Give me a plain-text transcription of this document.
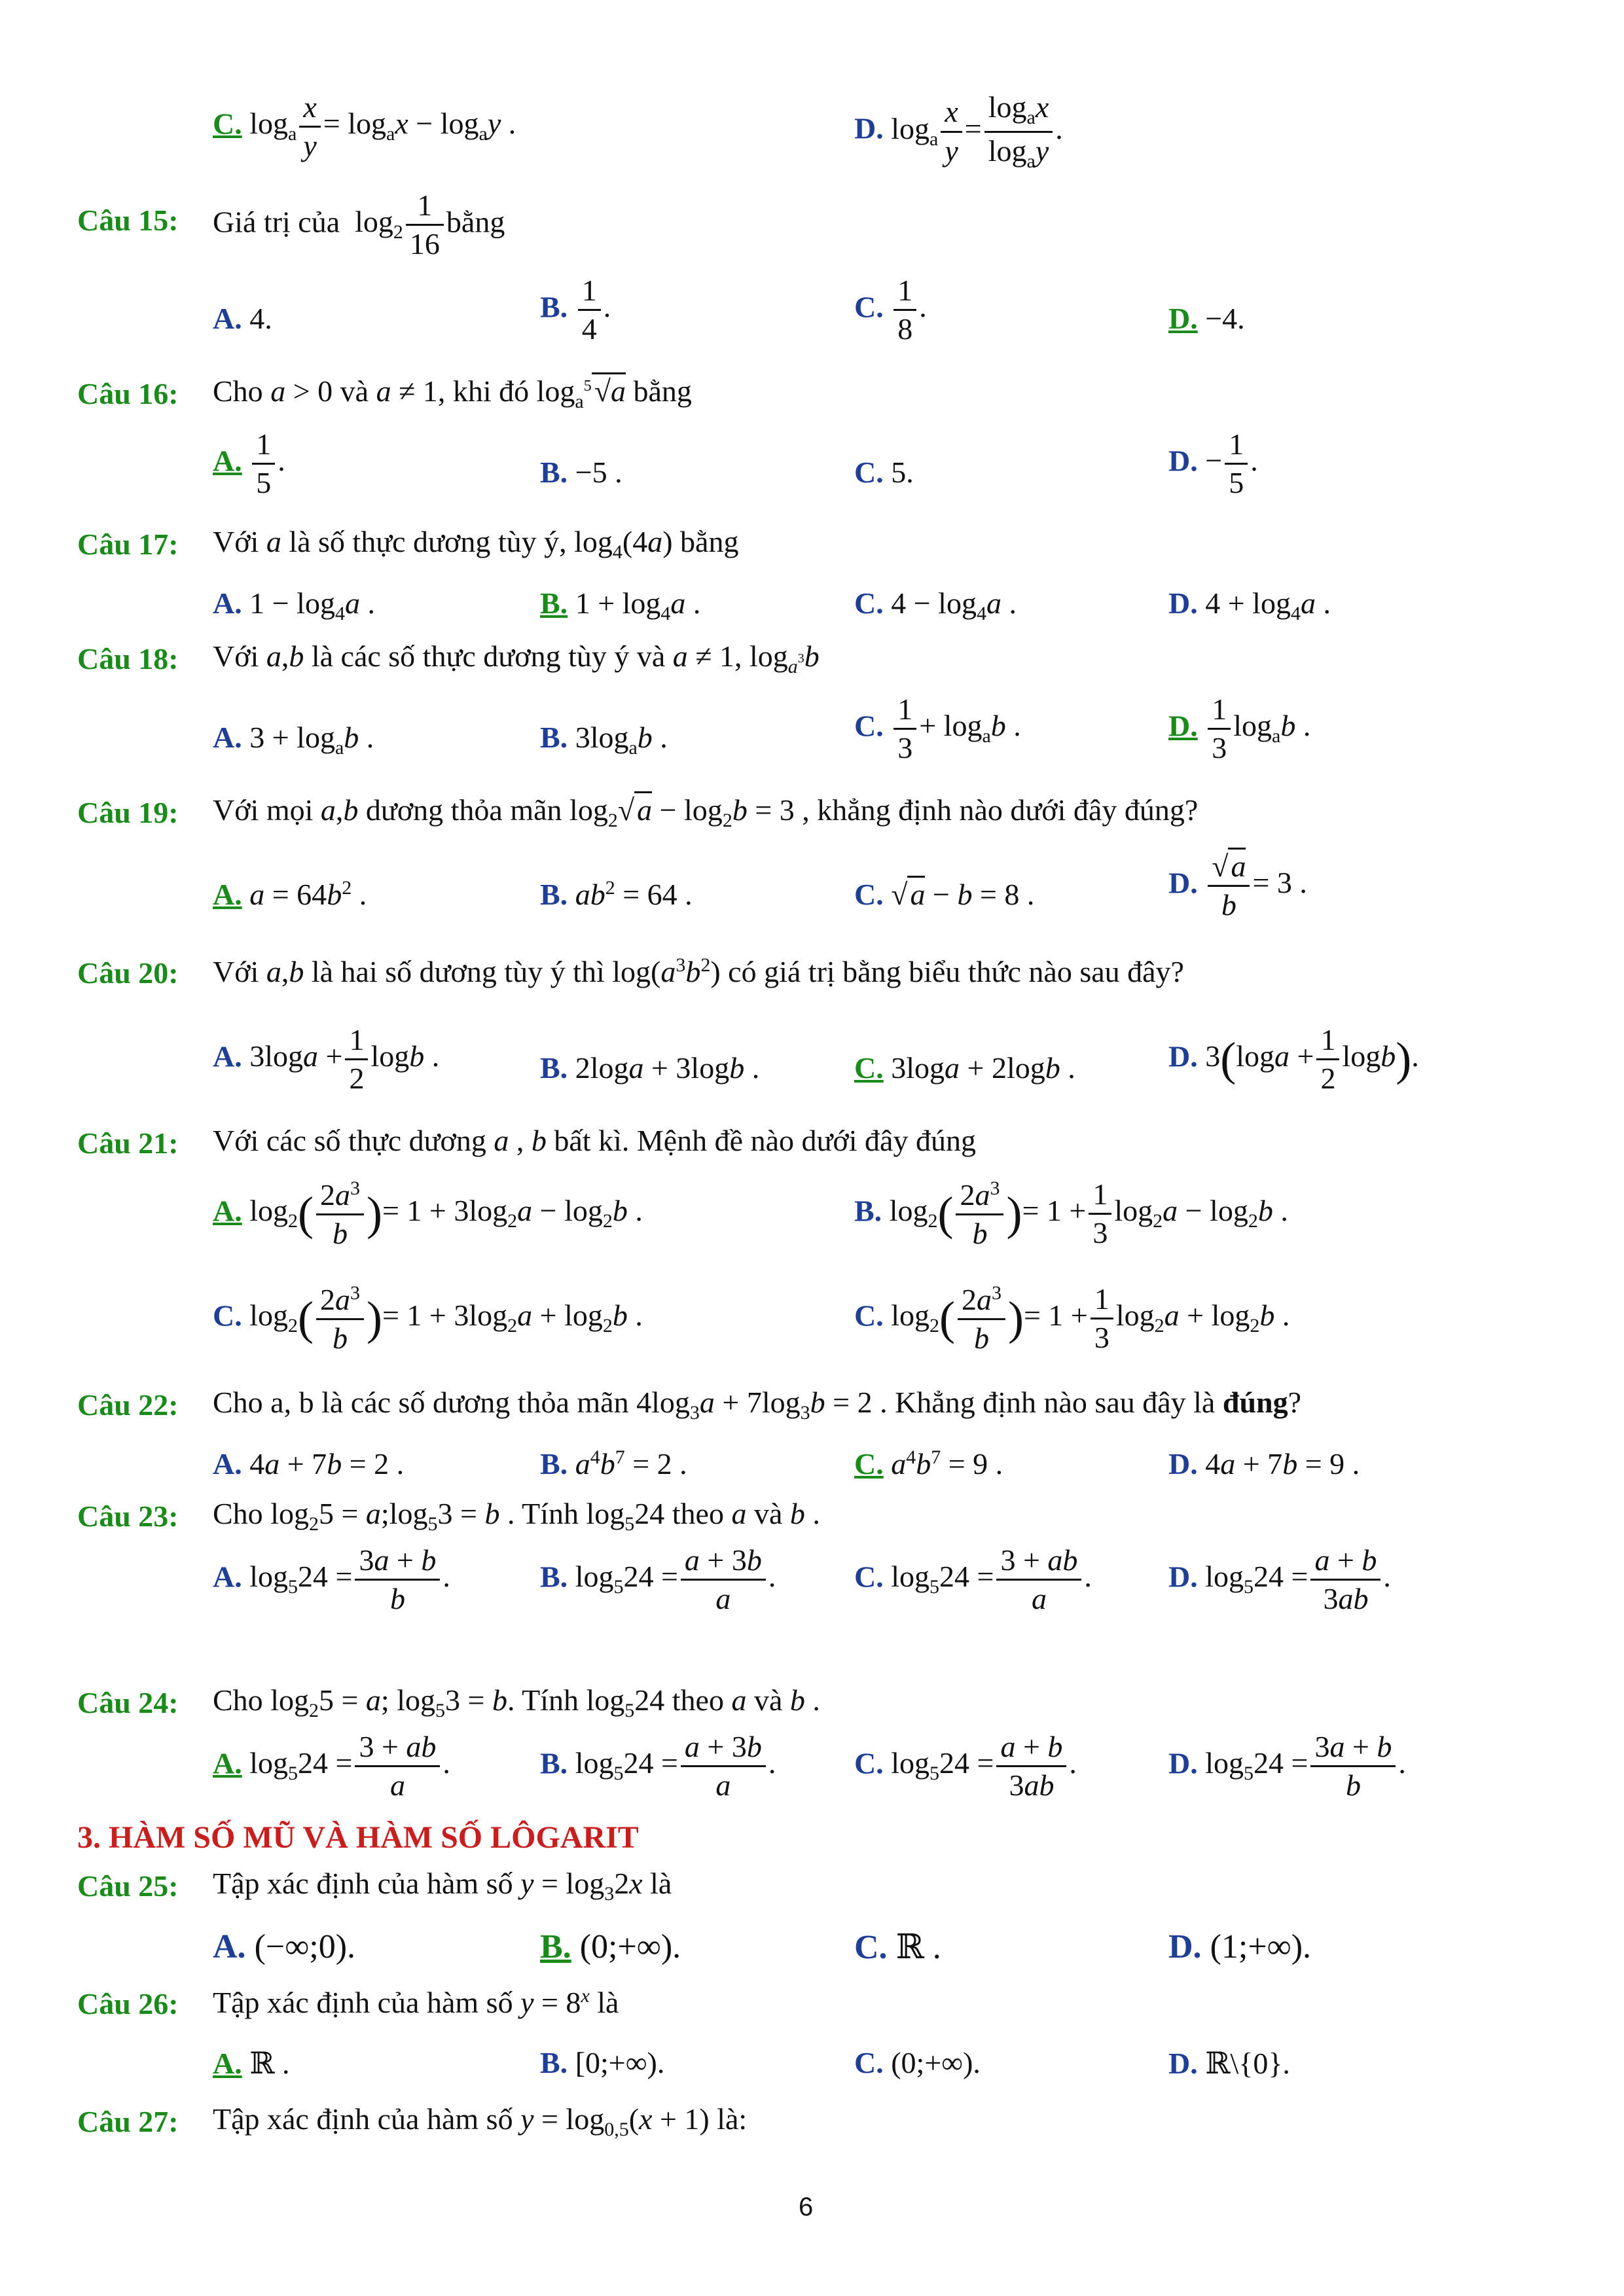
C. $\log_a \frac{x}{y} = \log_ax - \log_ay$ .	D. $\log_a \frac{x}{y} = \frac{\log_ax}{\log_ay}$ .
Câu 15: Giá trị của  $\log_2 \frac{1}{16}$ bằng
A. 4.	B. $\frac{1}{4}$ .	C. $\frac{1}{8}$ .	D. −4.
Câu 16: Cho a > 0 và a ≠ 1, khi đó $\log_a^5√a$ bằng
A. $\frac{1}{5}$ .	B. −5 .	C. 5.	D. − $\frac{1}{5}$ .
Câu 17: Với a là số thực dương tùy ý, $\log_4(4a)$ bằng
A. $1 - \log_4a$ .	B. $1 + \log_4a$ .	C. $4 - \log_4a$ .	D. $4 + \log_4a$ .
Câu 18: Với a,b là các số thực dương tùy ý và a ≠ 1, $\log_{a^3}b$
A. $3 + \log_ab$ .	B. $3\log_ab$ .	C. $\frac{1}{3} + \log_ab$ .	D. $\frac{1}{3} \log_ab$ .
Câu 19: Với mọi a,b dương thỏa mãn $\log_2√a - \log_2b = 3$ , khẳng định nào dưới đây đúng?
A. $a = 64b^2$ .	B. $ab^2 = 64$ .	C. √a − b = 8 .	D. $\frac{√a}{b} = 3$ .
Câu 20: Với a,b là hai số dương tùy ý thì $\log(a^3b^2)$ có giá trị bằng biểu thức nào sau đây?
A. $3\log a + \frac{1}{2}$ logb .	B. 2loga + 3logb .	C. 3loga + 2logb .	D. $3(\log a + \frac{1}{2} \log b)$.
Câu 21: Với các số thực dương a , b bất kì. Mệnh đề nào dưới đây đúng
A. $\log_2( \frac{2a^3}{b}$ )= $1 + 3\log_2a - \log_2b$ .	B. $\log_2( \frac{2a^3}{b}$ )= $1 + \frac{1}{3} \log_2a - \log_2b$ .
C. $\log_2( \frac{2a^3}{b}$ )= $1 + 3\log_2a + \log_2b$ .	C. $\log_2( \frac{2a^3}{b}$ )= $1 + \frac{1}{3} \log_2a + \log_2b$ .
Câu 22: Cho a, b là các số dương thỏa mãn $4\log_3a + 7\log_3b = 2$ . Khẳng định nào sau đây là đúng?
A. 4a + 7b = 2 .	B. $a^4b^7 = 2$ .	C. $a^4b^7 = 9$ .	D. 4a + 7b = 9 .
Câu 23: Cho $\log_25$ = $a;\log_53 = b$ . Tính $\log_524$ theo a và b .
A. $\log_524 = \frac{3a + b}{b}$ .	B. $\log_524 = \frac{a + 3b}{a}$ .	C. $\log_524 = \frac{3 + ab}{a}$ .	D. $\log_524 = \frac{a + b}{3ab}$ .
Câu 24: Cho $\log_25 = a$; $\log_53 = b$. Tính $\log_524$ theo a và b .
A. $\log_524 = \frac{3 + ab}{a}$ .	B. $\log_524 = \frac{a + 3b}{a}$ .	C. $\log_524 = \frac{a + b}{3ab}$ .	D. $\log_524 = \frac{3a + b}{b}$ .
3. HÀM SỐ MŨ VÀ HÀM SỐ LÔGARIT
Câu 25: Tập xác định của hàm số $y = \log_32x$ là
A. (−∞;0).	B. (0;+∞).	C. ℝ .	D. (1;+∞).
Câu 26: Tập xác định của hàm số $y = 8^x$ là
A. ℝ .	B. [0;+∞).	C. (0;+∞).	D. ℝ\{0}.
Câu 27: Tập xác định của hàm số $y = \log_{0,5}(x + 1)$ là:
6
